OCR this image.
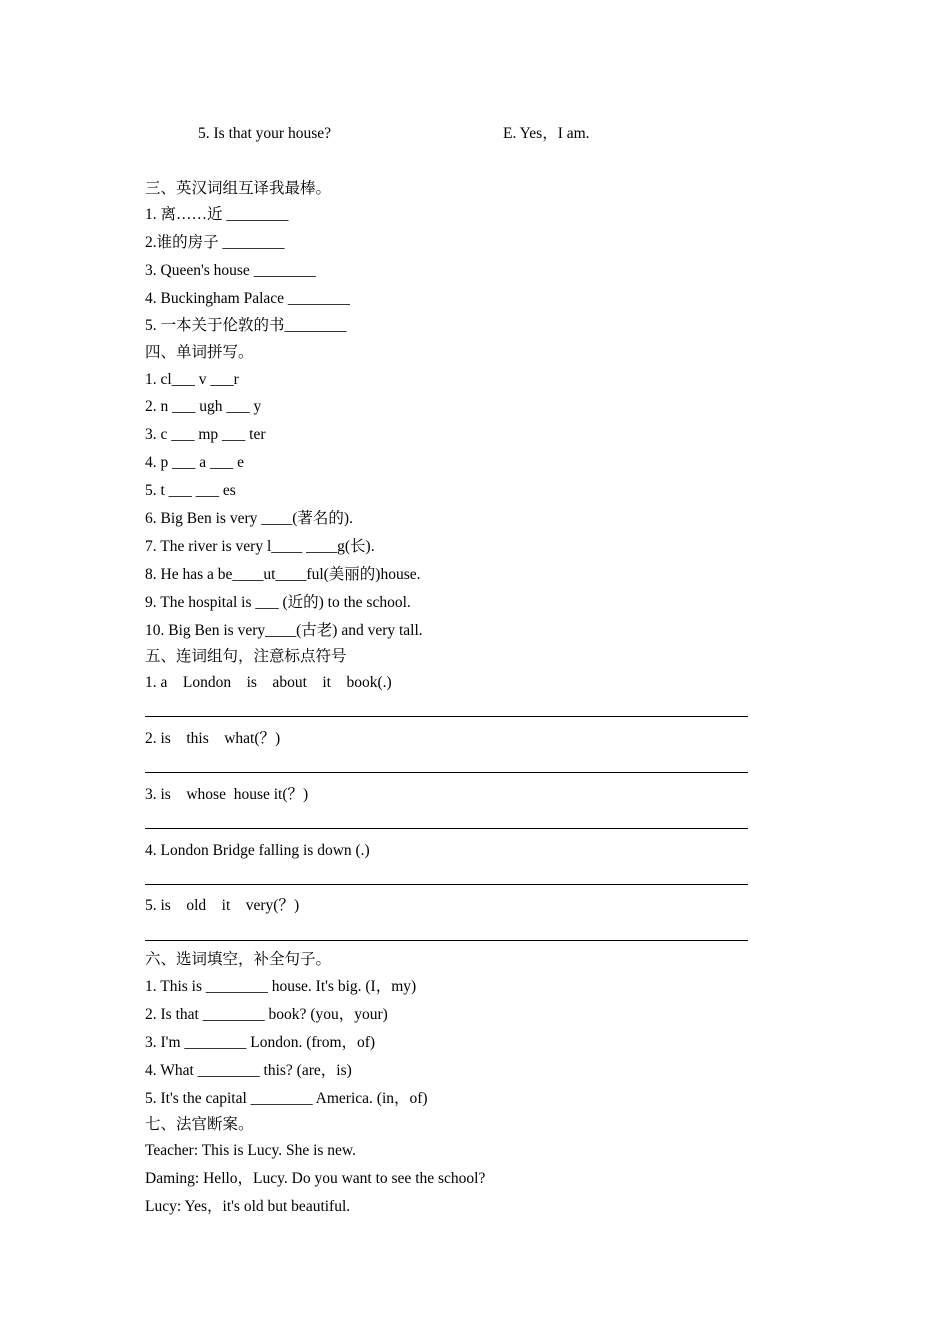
5. Is that your house?	E. Yes，I am.
三、英汉词组互译我最棒。
1. 离……近 ________
2.谁的房子 ________
3. Queen's house ________
4. Buckingham Palace ________
5. 一本关于伦敦的书________
四、单词拼写。
1. cl___ v ___r
2. n ___ ugh ___ y
3. c ___ mp ___ ter
4. p ___ a ___ e
5. t ___ ___ es
6. Big Ben is very ____(著名的).
7. The river is very l____ ____g(长).
8. He has a be____ut____ful(美丽的)house.
9. The hospital is ___ (近的) to the school.
10. Big Ben is very____(古老) and very tall.
五、连词组句，注意标点符号
1. a    London    is    about    it    book(.)
2. is    this    what(？)
3. is    whose  house it(？)
4. London Bridge falling is down (.)
5. is    old    it    very(？)
六、选词填空，补全句子。
1. This is ________ house. It's big. (I，my)
2. Is that ________ book? (you，your)
3. I'm ________ London. (from，of)
4. What ________ this? (are，is)
5. It's the capital ________ America. (in，of)
七、法官断案。
Teacher: This is Lucy. She is new.
Daming: Hello，Lucy. Do you want to see the school?
Lucy: Yes，it's old but beautiful.
